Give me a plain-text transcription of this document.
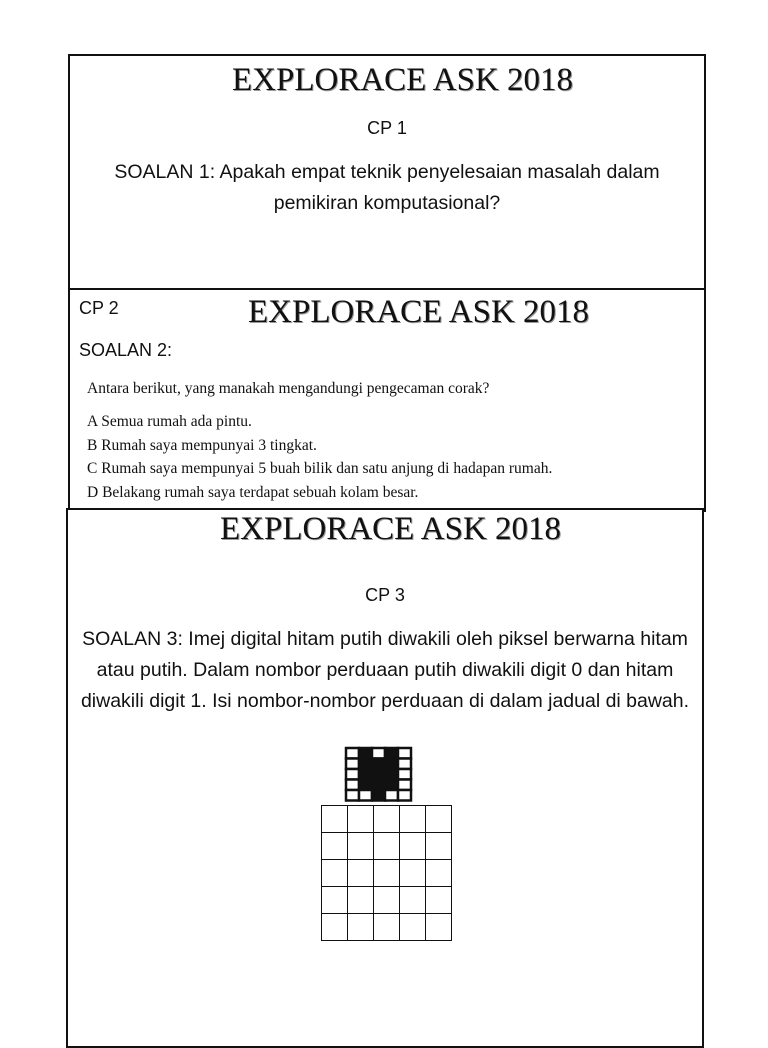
EXPLORACE ASK 2018
CP 1
SOALAN 1: Apakah empat teknik penyelesaian masalah dalam pemikiran komputasional?
CP 2	EXPLORACE ASK 2018
SOALAN 2:
Antara berikut, yang manakah mengandungi pengecaman corak?
A Semua rumah ada pintu.
B Rumah saya mempunyai 3 tingkat.
C Rumah saya mempunyai 5 buah bilik dan satu anjung di hadapan rumah.
D Belakang rumah saya terdapat sebuah kolam besar.
EXPLORACE ASK 2018
CP 3
SOALAN 3: Imej digital hitam putih diwakili oleh piksel berwarna hitam atau putih. Dalam nombor perduaan putih diwakili digit 0 dan hitam diwakili digit 1. Isi nombor-nombor perduaan di dalam jadual di bawah.
